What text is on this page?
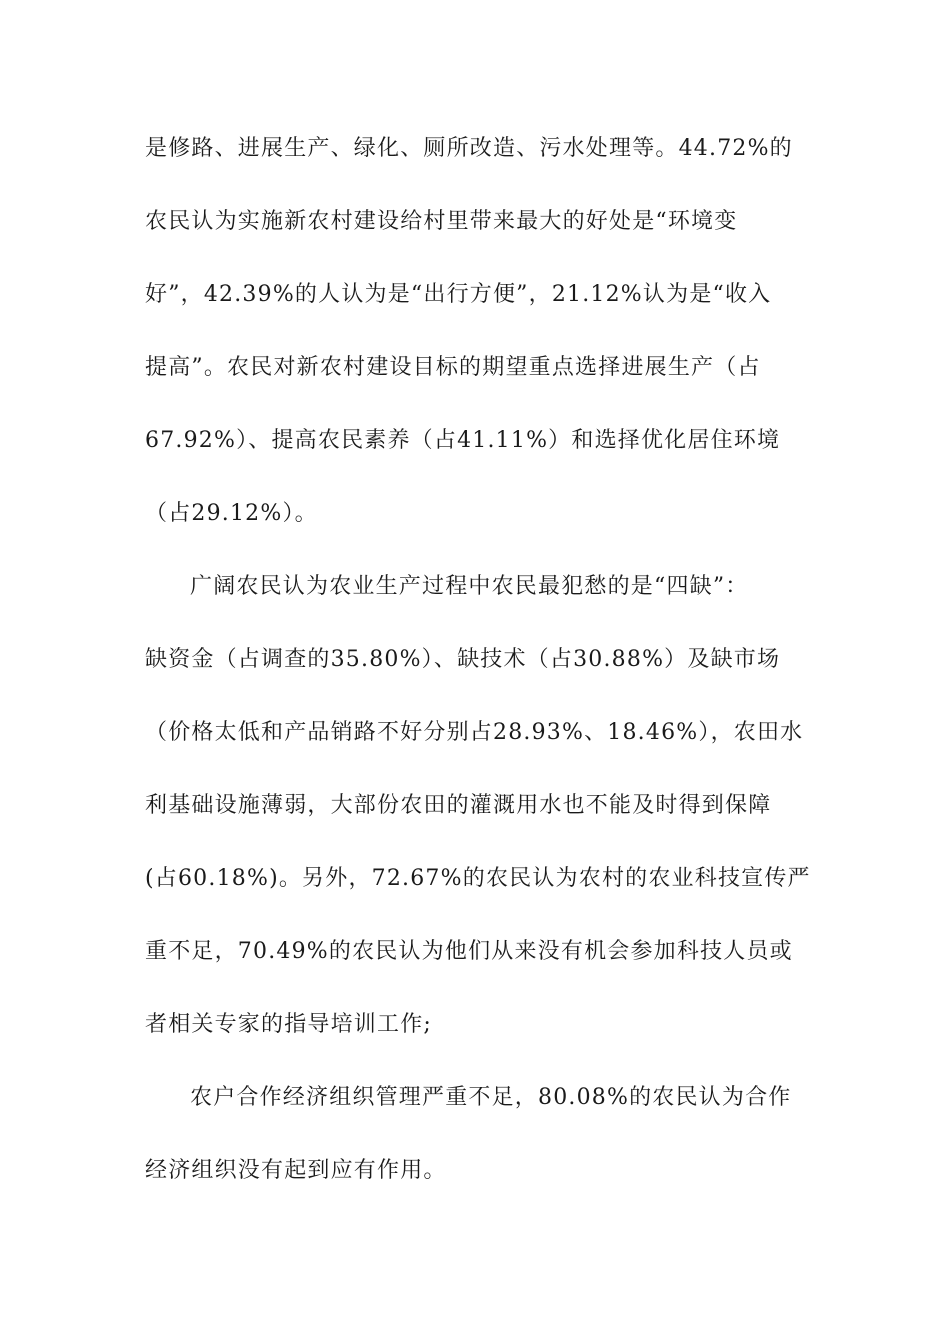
是修路、进展生产、绿化、厕所改造、污水处理等。44.72%的
农民认为实施新农村建设给村里带来最大的好处是“环境变
好”，42.39%的人认为是“出行方便”，21.12%认为是“收入
提高”。农民对新农村建设目标的期望重点选择进展生产（占
67.92%）、提高农民素养（占41.11%）和选择优化居住环境
（占29.12%）。
广阔农民认为农业生产过程中农民最犯愁的是“四缺”：
缺资金（占调查的35.80%）、缺技术（占30.88%）及缺市场
（价格太低和产品销路不好分别占28.93%、18.46%），农田水
利基础设施薄弱，大部份农田的灌溉用水也不能及时得到保障
(占60.18%)。另外，72.67%的农民认为农村的农业科技宣传严
重不足，70.49%的农民认为他们从来没有机会参加科技人员或
者相关专家的指导培训工作;
农户合作经济组织管理严重不足，80.08%的农民认为合作
经济组织没有起到应有作用。
